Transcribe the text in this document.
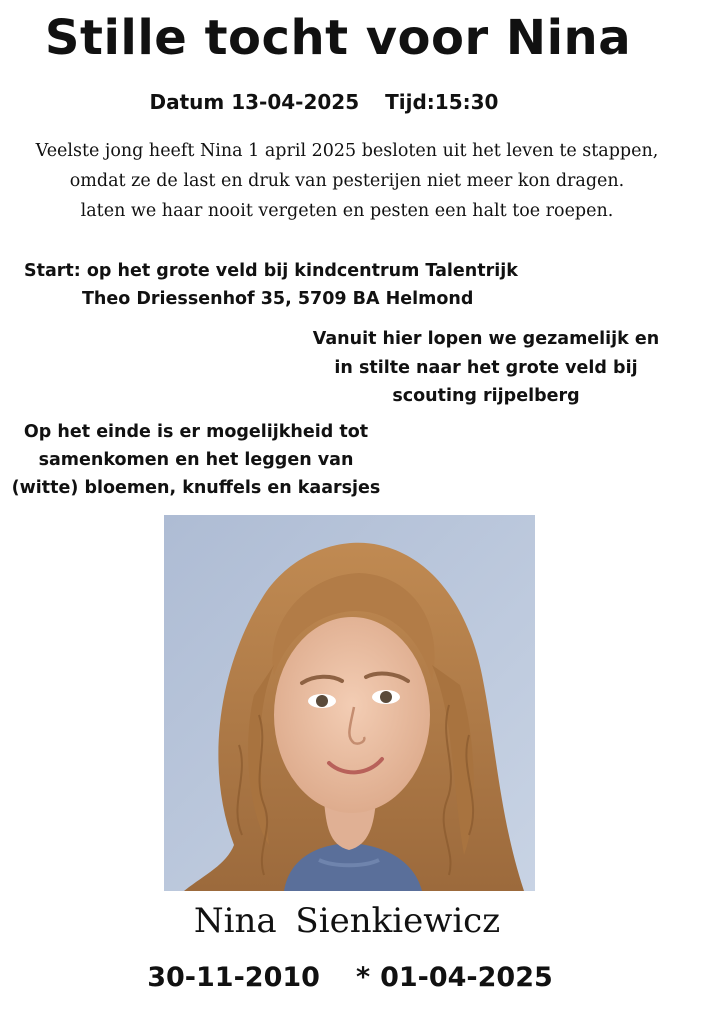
Stille tocht voor Nina
Datum 13-04-2025 Tijd:15:30
Veelste jong heeft Nina 1 april 2025 besloten uit het leven te stappen,
omdat ze de last en druk van pesterijen niet meer kon dragen.
laten we haar nooit vergeten en pesten een halt toe roepen.
Start: op het grote veld bij kindcentrum Talentrijk
Theo Driessenhof 35, 5709 BA Helmond
Vanuit hier lopen we gezamelijk en
in stilte naar het grote veld bij
scouting rijpelberg
Op het einde is er mogelijkheid tot
samenkomen en het leggen van
(witte) bloemen, knuffels en kaarsjes
Nina Sienkiewicz
30-11-2010 * 01-04-2025
